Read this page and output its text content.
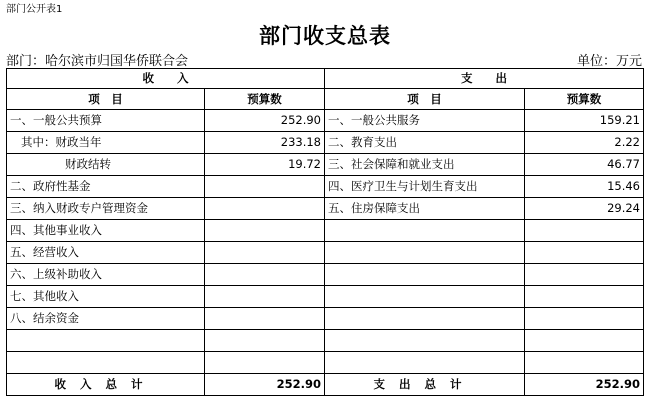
部门公开表1
部门收支总表
部门：哈尔滨市归国华侨联合会	单位：万元
收　　入		支　　出	
项　目	预算数	项　目	预算数
一、一般公共预算	252.90	一、一般公共服务	159.21
其中：财政当年	233.18	二、教育支出	2.22
财政结转	19.72	三、社会保障和就业支出	46.77
二、政府性基金		四、医疗卫生与计划生育支出	15.46
三、纳入财政专户管理资金		五、住房保障支出	29.24
四、其他事业收入			
五、经营收入			
六、上级补助收入			
七、其他收入			
八、结余资金			

收入总计	252.90	支出总计	252.90
